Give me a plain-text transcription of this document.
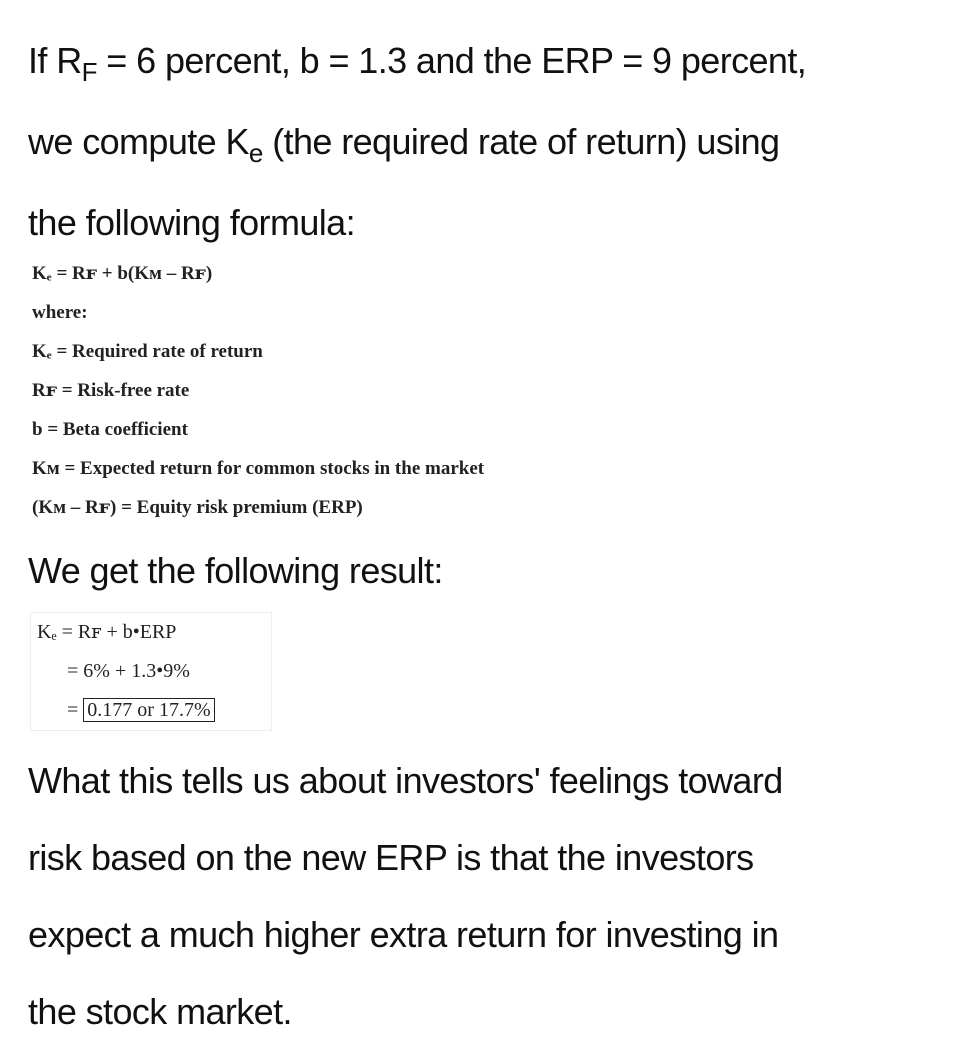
If $R_F = 6$ percent, b = 1.3 and the ERP = 9 percent,
we compute $K_e$ (the required rate of return) using
the following formula:
Kₑ = Rꜰ + b(Kᴍ – Rꜰ)
where:
Kₑ = Required rate of return
Rꜰ = Risk-free rate
b = Beta coefficient
Kᴍ = Expected return for common stocks in the market
(Kᴍ – Rꜰ) = Equity risk premium (ERP)
We get the following result:
Kₑ = Rꜰ + b•ERP
= 6% + 1.3•9%
= 0.177 or 17.7%
What this tells us about investors' feelings toward
risk based on the new ERP is that the investors
expect a much higher extra return for investing in
the stock market.
